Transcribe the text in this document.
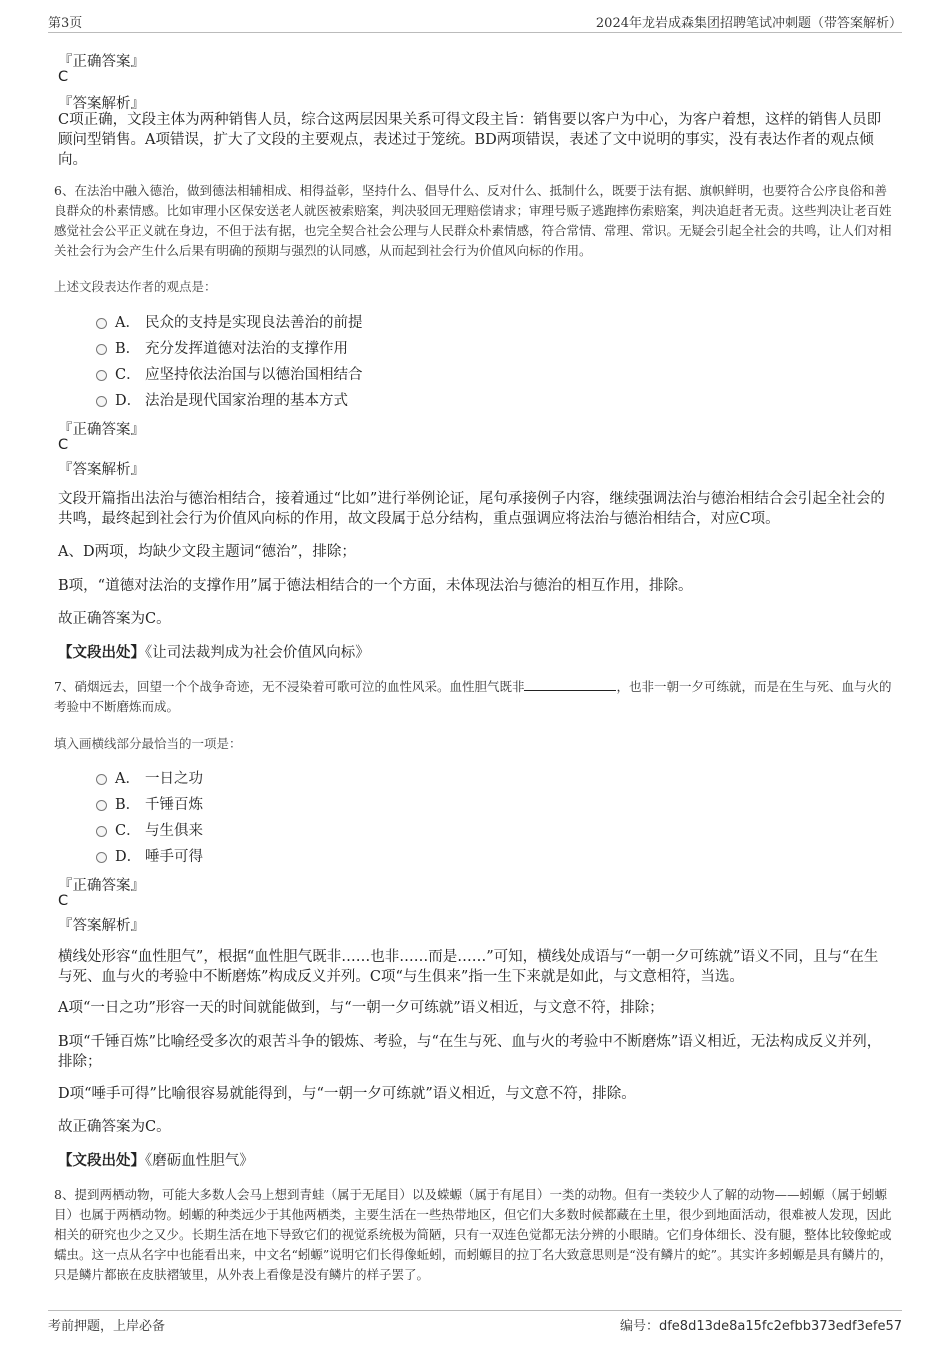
第3页	2024年龙岩成森集团招聘笔试冲刺题（带答案解析）
『正确答案』
C
『答案解析』
C项正确，文段主体为两种销售人员，综合这两层因果关系可得文段主旨：销售要以客户为中心，为客户着想，这样的销售人员即顾问型销售。A项错误，扩大了文段的主要观点，表述过于笼统。BD两项错误，表述了文中说明的事实，没有表达作者的观点倾向。
6、在法治中融入德治，做到德法相辅相成、相得益彰，坚持什么、倡导什么、反对什么、抵制什么，既要于法有据、旗帜鲜明，也要符合公序良俗和善良群众的朴素情感。比如审理小区保安送老人就医被索赔案，判决驳回无理赔偿请求；审理号贩子逃跑摔伤索赔案，判决追赶者无责。这些判决让老百姓感觉社会公平正义就在身边，不但于法有据，也完全契合社会公理与人民群众朴素情感，符合常情、常理、常识。无疑会引起全社会的共鸣，让人们对相关社会行为会产生什么后果有明确的预期与强烈的认同感，从而起到社会行为价值风向标的作用。
上述文段表达作者的观点是：
A． 民众的支持是实现良法善治的前提
B． 充分发挥道德对法治的支撑作用
C． 应坚持依法治国与以德治国相结合
D． 法治是现代国家治理的基本方式
『正确答案』
C
『答案解析』
文段开篇指出法治与德治相结合，接着通过“比如”进行举例论证，尾句承接例子内容，继续强调法治与德治相结合会引起全社会的共鸣，最终起到社会行为价值风向标的作用，故文段属于总分结构，重点强调应将法治与德治相结合，对应C项。
A、D两项，均缺少文段主题词“德治”，排除；
B项，“道德对法治的支撑作用”属于德法相结合的一个方面，未体现法治与德治的相互作用，排除。
故正确答案为C。
【文段出处】《让司法裁判成为社会价值风向标》
7、硝烟远去，回望一个个战争奇迹，无不浸染着可歌可泣的血性风采。血性胆气既非	，也非一朝一夕可练就，而是在生与死、血与火的考验中不断磨炼而成。
填入画横线部分最恰当的一项是：
A． 一日之功
B． 千锤百炼
C． 与生俱来
D． 唾手可得
『正确答案』
C
『答案解析』
横线处形容“血性胆气”，根据“血性胆气既非……也非……而是……”可知，横线处成语与“一朝一夕可练就”语义不同，且与“在生与死、血与火的考验中不断磨炼”构成反义并列。C项“与生俱来”指一生下来就是如此，与文意相符，当选。
A项“一日之功”形容一天的时间就能做到，与“一朝一夕可练就”语义相近，与文意不符，排除；
B项“千锤百炼”比喻经受多次的艰苦斗争的锻炼、考验，与“在生与死、血与火的考验中不断磨炼”语义相近，无法构成反义并列，排除；
D项“唾手可得”比喻很容易就能得到，与“一朝一夕可练就”语义相近，与文意不符，排除。
故正确答案为C。
【文段出处】《磨砺血性胆气》
8、提到两栖动物，可能大多数人会马上想到青蛙（属于无尾目）以及蝾螈（属于有尾目）一类的动物。但有一类较少人了解的动物——蚓螈（属于蚓螈目）也属于两栖动物。蚓螈的种类远少于其他两栖类，主要生活在一些热带地区，但它们大多数时候都藏在土里，很少到地面活动，很难被人发现，因此相关的研究也少之又少。长期生活在地下导致它们的视觉系统极为简陋，只有一双连色觉都无法分辨的小眼睛。它们身体细长、没有腿，整体比较像蛇或蠕虫。这一点从名字中也能看出来，中文名“蚓螈”说明它们长得像蚯蚓，而蚓螈目的拉丁名大致意思则是“没有鳞片的蛇”。其实许多蚓螈是具有鳞片的，只是鳞片都嵌在皮肤褶皱里，从外表上看像是没有鳞片的样子罢了。
考前押题，上岸必备	编号：dfe8d13de8a15fc2efbb373edf3efe57
